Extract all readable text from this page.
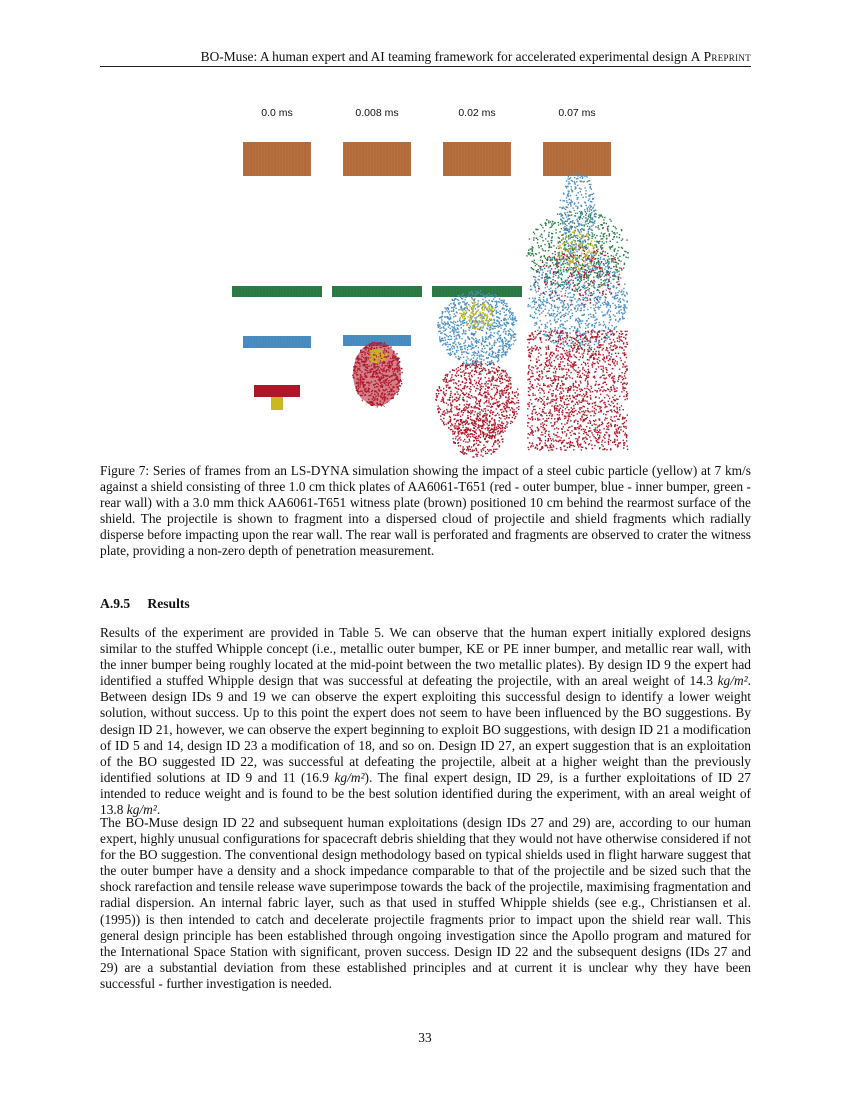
BO-Muse: A human expert and AI teaming framework for accelerated experimental design A Preprint
0.0 ms	0.008 ms	0.02 ms	0.07 ms
Figure 7: Series of frames from an LS-DYNA simulation showing the impact of a steel cubic particle (yellow) at 7 km/s against a shield consisting of three 1.0 cm thick plates of AA6061-T651 (red - outer bumper, blue - inner bumper, green - rear wall) with a 3.0 mm thick AA6061-T651 witness plate (brown) positioned 10 cm behind the rearmost surface of the shield. The projectile is shown to fragment into a dispersed cloud of projectile and shield fragments which radially disperse before impacting upon the rear wall. The rear wall is perforated and fragments are observed to crater the witness plate, providing a non-zero depth of penetration measurement.
A.9.5 Results

Results of the experiment are provided in Table 5. We can observe that the human expert initially explored designs similar to the stuffed Whipple concept (i.e., metallic outer bumper, KE or PE inner bumper, and metallic rear wall, with the inner bumper being roughly located at the mid-point between the two metallic plates). By design ID 9 the expert had identified a stuffed Whipple design that was successful at defeating the projectile, with an areal weight of 14.3 kg/m². Between design IDs 9 and 19 we can observe the expert exploiting this successful design to identify a lower weight solution, without success. Up to this point the expert does not seem to have been influenced by the BO suggestions. By design ID 21, however, we can observe the expert beginning to exploit BO suggestions, with design ID 21 a modification of ID 5 and 14, design ID 23 a modification of 18, and so on. Design ID 27, an expert suggestion that is an exploitation of the BO suggested ID 22, was successful at defeating the projectile, albeit at a higher weight than the previously identified solutions at ID 9 and 11 (16.9 kg/m²). The final expert design, ID 29, is a further exploitations of ID 27 intended to reduce weight and is found to be the best solution identified during the experiment, with an areal weight of 13.8 kg/m².

The BO-Muse design ID 22 and subsequent human exploitations (design IDs 27 and 29) are, according to our human expert, highly unusual configurations for spacecraft debris shielding that they would not have otherwise considered if not for the BO suggestion. The conventional design methodology based on typical shields used in flight harware suggest that the outer bumper have a density and a shock impedance comparable to that of the projectile and be sized such that the shock rarefaction and tensile release wave superimpose towards the back of the projectile, maximising fragmentation and radial dispersion. An internal fabric layer, such as that used in stuffed Whipple shields (see e.g., Christiansen et al. (1995)) is then intended to catch and decelerate projectile fragments prior to impact upon the shield rear wall. This general design principle has been established through ongoing investigation since the Apollo program and matured for the International Space Station with significant, proven success. Design ID 22 and the subsequent designs (IDs 27 and 29) are a substantial deviation from these established principles and at current it is unclear why they have been successful - further investigation is needed.

33
